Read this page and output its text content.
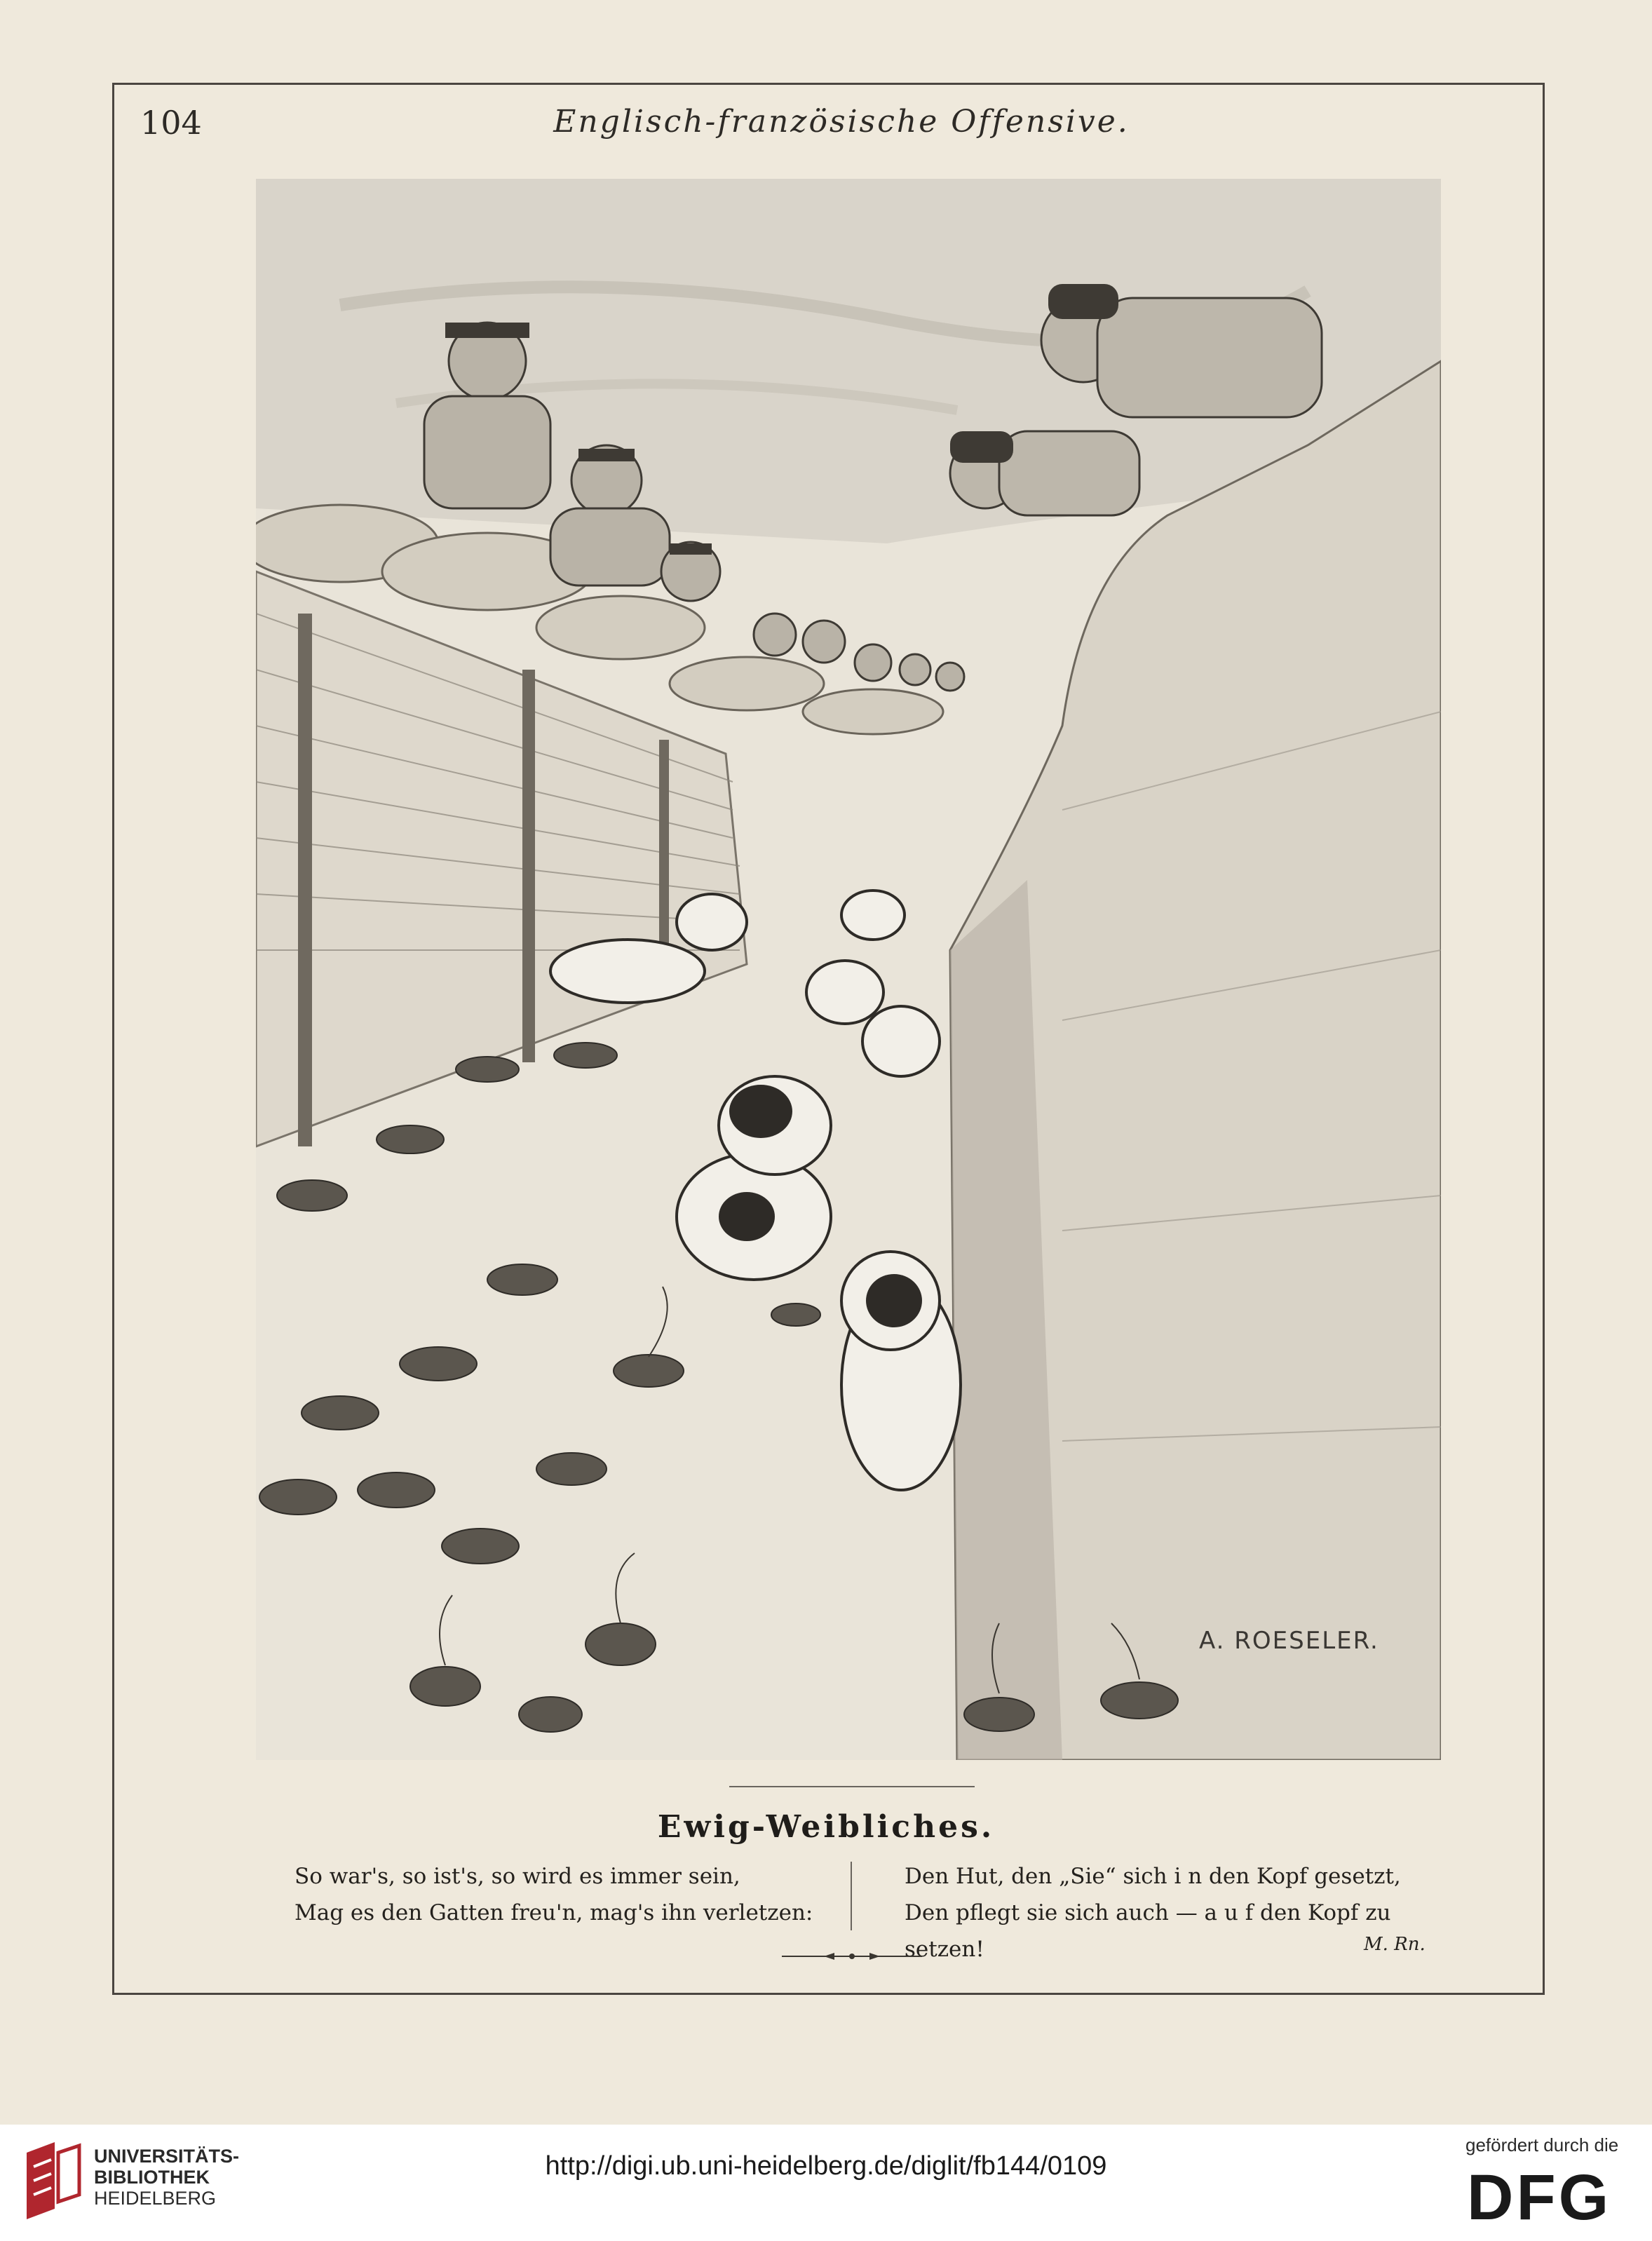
104	Englisch-französische Offensive.
A. ROESELER.
Ewig-Weibliches.
So war's, so ist's, so wird es immer sein,
Mag es den Gatten freu'n, mag's ihn verletzen:
Den Hut, den „Sie“ sich i n den Kopf gesetzt,
Den pflegt sie sich auch — a u f den Kopf zu setzen!	M. Rn.
UNIVERSITÄTS-
BIBLIOTHEK
HEIDELBERG
http://digi.ub.uni-heidelberg.de/diglit/fb144/0109
gefördert durch die
DFG
